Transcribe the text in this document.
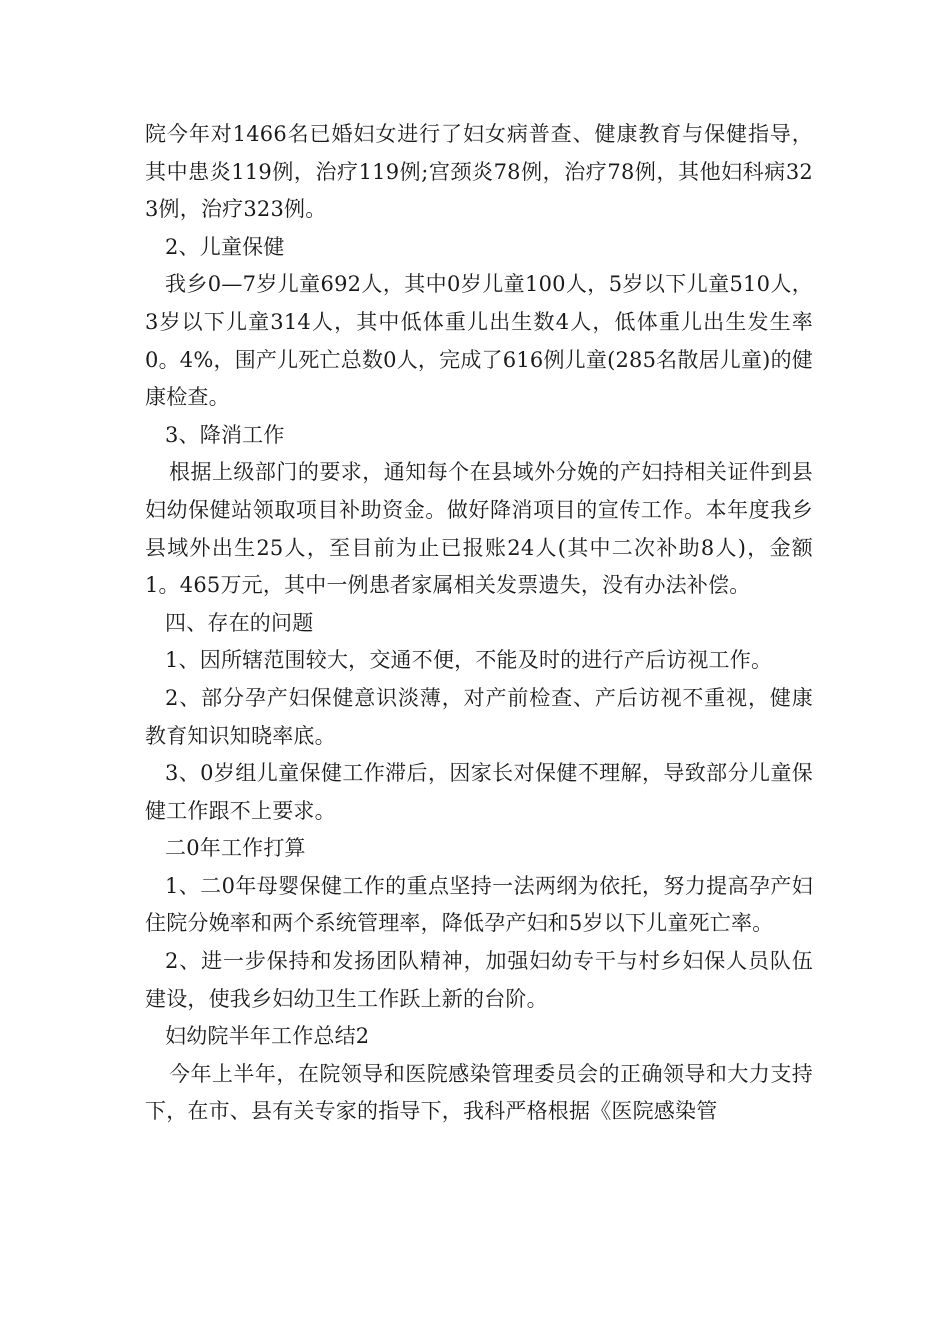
院今年对1466名已婚妇女进行了妇女病普查、健康教育与保健指导，其中患炎119例，治疗119例;宫颈炎78例，治疗78例，其他妇科病323例，治疗323例。

2、儿童保健

我乡0—7岁儿童692人，其中0岁儿童100人，5岁以下儿童510人，3岁以下儿童314人，其中低体重儿出生数4人，低体重儿出生发生率0。4%，围产儿死亡总数0人，完成了616例儿童(285名散居儿童)的健康检查。

3、降消工作

根据上级部门的要求，通知每个在县域外分娩的产妇持相关证件到县妇幼保健站领取项目补助资金。做好降消项目的宣传工作。本年度我乡县域外出生25人，至目前为止已报账24人(其中二次补助8人)，金额1。465万元，其中一例患者家属相关发票遗失，没有办法补偿。

四、存在的问题

1、因所辖范围较大，交通不便，不能及时的进行产后访视工作。

2、部分孕产妇保健意识淡薄，对产前检查、产后访视不重视，健康教育知识知晓率底。

3、0岁组儿童保健工作滞后，因家长对保健不理解，导致部分儿童保健工作跟不上要求。

二0年工作打算

1、二0年母婴保健工作的重点坚持一法两纲为依托，努力提高孕产妇住院分娩率和两个系统管理率，降低孕产妇和5岁以下儿童死亡率。

2、进一步保持和发扬团队精神，加强妇幼专干与村乡妇保人员队伍建设，使我乡妇幼卫生工作跃上新的台阶。

妇幼院半年工作总结2

今年上半年，在院领导和医院感染管理委员会的正确领导和大力支持下，在市、县有关专家的指导下，我科严格根据《医院感染管
